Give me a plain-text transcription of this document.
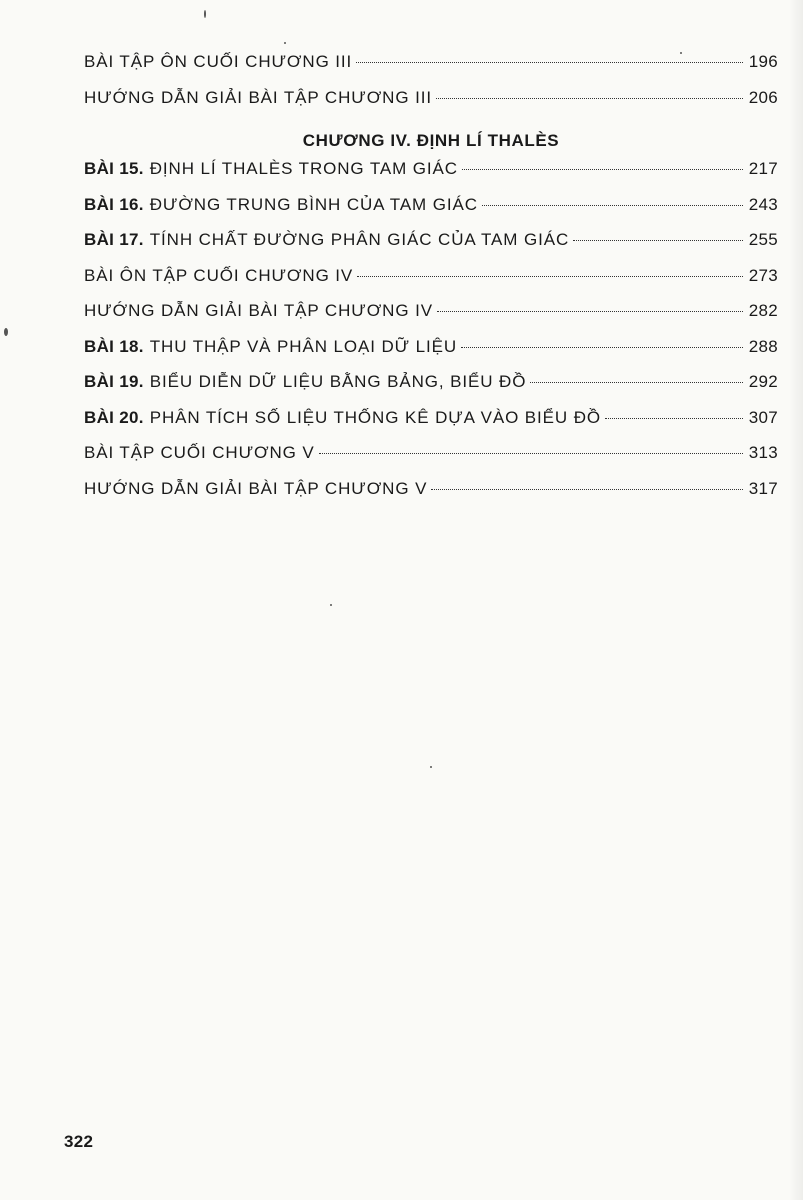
BÀI TẬP ÔN CUỐI CHƯƠNG III	196
HƯỚNG DẪN GIẢI BÀI TẬP CHƯƠNG III	206
CHƯƠNG IV. ĐỊNH LÍ THALÈS
BÀI 15. ĐỊNH LÍ THALÈS TRONG TAM GIÁC	217
BÀI 16. ĐƯỜNG TRUNG BÌNH CỦA TAM GIÁC	243
BÀI 17. TÍNH CHẤT ĐƯỜNG PHÂN GIÁC CỦA TAM GIÁC	255
BÀI ÔN TẬP CUỐI CHƯƠNG IV	273
HƯỚNG DẪN GIẢI BÀI TẬP CHƯƠNG IV	282
BÀI 18. THU THẬP VÀ PHÂN LOẠI DỮ LIỆU	288
BÀI 19. BIỂU DIỄN DỮ LIỆU BẰNG BẢNG, BIỂU ĐỒ	292
BÀI 20. PHÂN TÍCH SỐ LIỆU THỐNG KÊ DỰA VÀO BIỂU ĐỒ	307
BÀI TẬP CUỐI CHƯƠNG V	313
HƯỚNG DẪN GIẢI BÀI TẬP CHƯƠNG V	317
322
